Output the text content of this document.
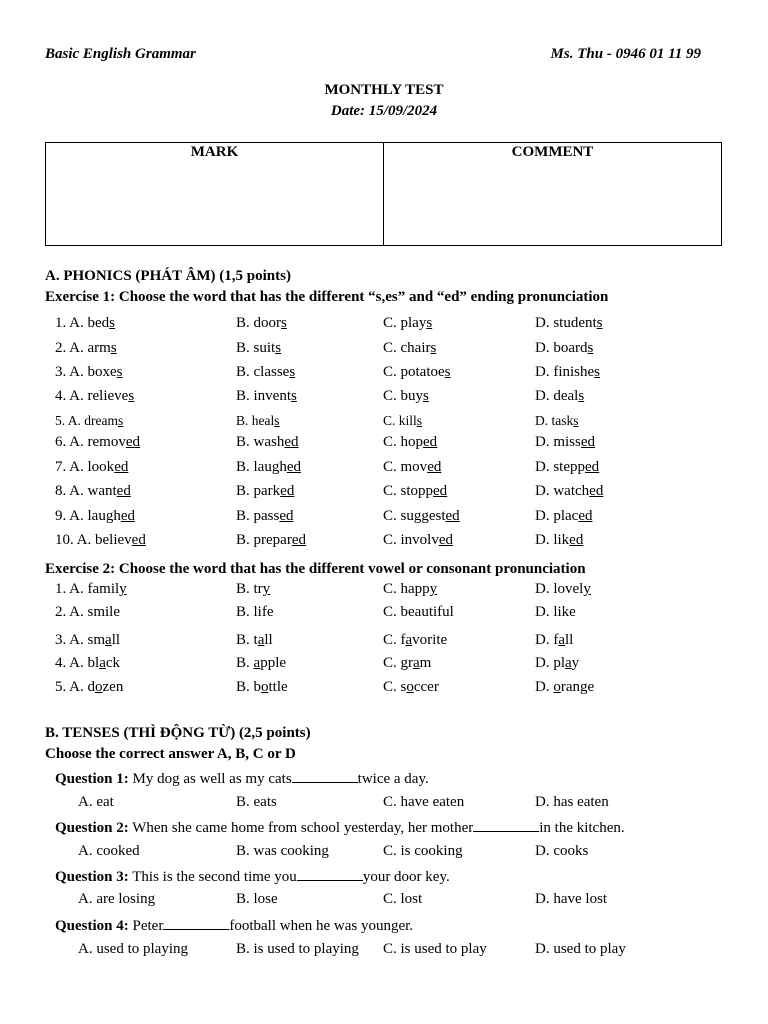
Basic English Grammar	Ms. Thu - 0946 01 11 99
MONTHLY TEST
Date: 15/09/2024
MARK	COMMENT
A. PHONICS (PHÁT ÂM) (1,5 points)
Exercise 1: Choose the word that has the different “s,es” and “ed” ending pronunciation
1. A. beds	B. doors	C. plays	D. students
2. A. arms	B. suits	C. chairs	D. boards
3. A. boxes	B. classes	C. potatoes	D. finishes
4. A. relieves	B. invents	C. buys	D. deals
5. A. dreams	B. heals	C. kills	D. tasks
6. A. removed	B. washed	C. hoped	D. missed
7. A. looked	B. laughed	C. moved	D. stepped
8. A. wanted	B. parked	C. stopped	D. watched
9. A. laughed	B. passed	C. suggested	D. placed
10. A. believed	B. prepared	C. involved	D. liked
Exercise 2: Choose the word that has the different vowel or consonant pronunciation
1. A. family	B. try	C. happy	D. lovely
2. A. smile	B. life	C. beautiful	D. like
3. A. small	B. tall	C. favorite	D. fall
4. A. black	B. apple	C. gram	D. play
5. A. dozen	B. bottle	C. soccer	D. orange
B. TENSES (THÌ ĐỘNG TỪ) (2,5 points)
Choose the correct answer A, B, C or D
Question 1: My dog as well as my cats	twice a day.
A. eat	B. eats	C. have eaten	D. has eaten
Question 2: When she came home from school yesterday, her mother	in the kitchen.
A. cooked	B. was cooking	C. is cooking	D. cooks
Question 3: This is the second time you	your door key.
A. are losing	B. lose	C. lost	D. have lost
Question 4: Peter	football when he was younger.
A. used to playing	B. is used to playing C. is used to play	D. used to play
